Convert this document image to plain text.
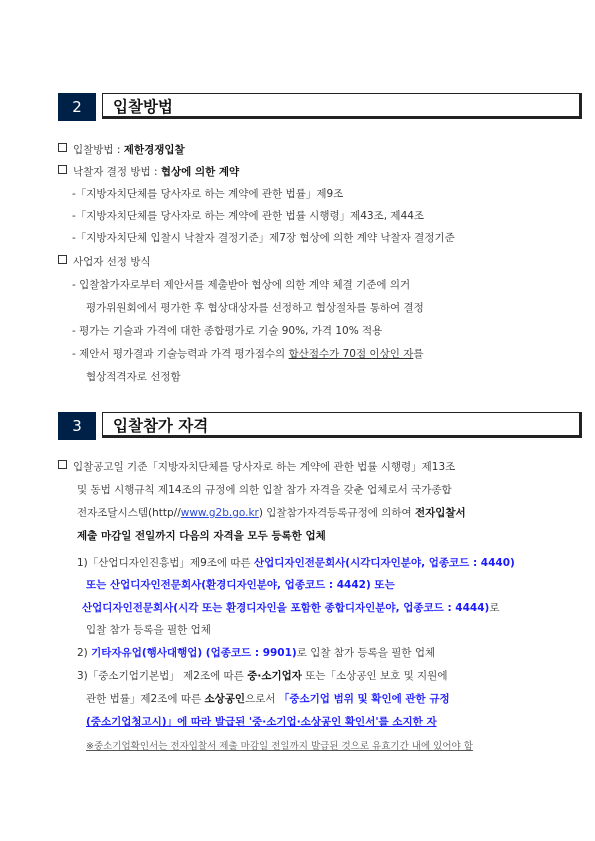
2	입찰방법
입찰방법 : 제한경쟁입찰
낙찰자 결정 방법 : 협상에 의한 계약
-「지방자치단체를 당사자로 하는 계약에 관한 법률」제9조
-「지방자치단체를 당사자로 하는 계약에 관한 법률 시행령」제43조, 제44조
-「지방자치단체 입찰시 낙찰자 결정기준」제7장 협상에 의한 계약 낙찰자 결정기준
사업자 선정 방식
- 입찰참가자로부터 제안서를 제출받아 협상에 의한 계약 체결 기준에 의거
평가위원회에서 평가한 후 협상대상자를 선정하고 협상절차를 통하여 결정
- 평가는 기술과 가격에 대한 종합평가로 기술 90%, 가격 10% 적용
- 제안서 평가결과 기술능력과 가격 평가점수의 합산점수가 70점 이상인 자를
협상적격자로 선정함
3	입찰참가 자격
입찰공고일 기준「지방자치단체를 당사자로 하는 계약에 관한 법률 시행령」제13조
및 동법 시행규칙 제14조의 규정에 의한 입찰 참가 자격을 갖춘 업체로서 국가종합
전자조달시스템(http//www.g2b.go.kr) 입찰참가자격등록규정에 의하여 전자입찰서
제출 마감일 전일까지 다음의 자격을 모두 등록한 업체
1)「산업디자인진흥법」제9조에 따른 산업디자인전문회사(시각디자인분야, 업종코드 : 4440)
또는 산업디자인전문회사(환경디자인분야, 업종코드 : 4442) 또는
산업디자인전문회사(시각 또는 환경디자인을 포함한 종합디자인분야, 업종코드 : 4444)로
입찰 참가 등록을 필한 업체
2) 기타자유업(행사대행업) (업종코드 : 9901)로 입찰 참가 등록을 필한 업체
3)「중소기업기본법」 제2조에 따른 중·소기업자 또는「소상공인 보호 및 지원에
관한 법률」제2조에 따른 소상공인으로서 「중소기업 범위 및 확인에 관한 규정
(중소기업청고시)」에 따라 발급된 '중·소기업·소상공인 확인서'를 소지한 자
※중소기업확인서는 전자입찰서 제출 마감일 전일까지 발급된 것으로 유효기간 내에 있어야 함
